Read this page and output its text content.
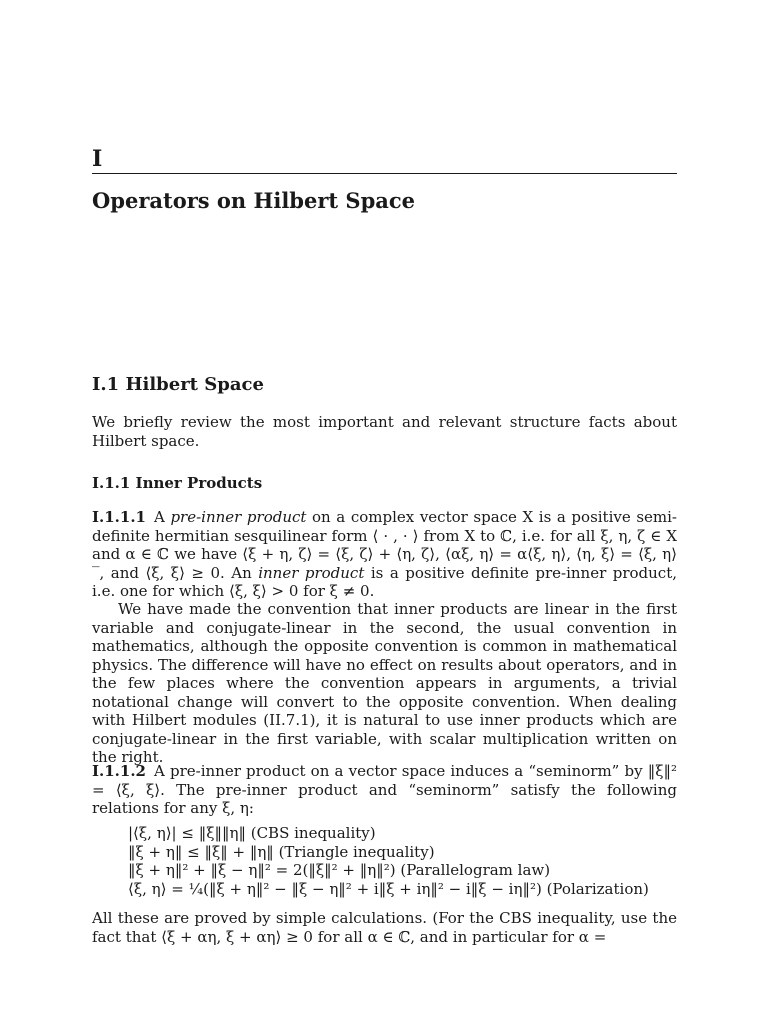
I
Operators on Hilbert Space
I.1 Hilbert Space
We briefly review the most important and relevant structure facts about Hilbert space.
I.1.1 Inner Products
I.1.1.1 A pre-inner product on a complex vector space X is a positive semi-definite hermitian sesquilinear form ⟨ · , · ⟩ from X to ℂ, i.e. for all ξ, η, ζ ∈ X and α ∈ ℂ we have ⟨ξ + η, ζ⟩ = ⟨ξ, ζ⟩ + ⟨η, ζ⟩, ⟨αξ, η⟩ = α⟨ξ, η⟩, ⟨η, ξ⟩ = ⟨ξ, η⟩‾, and ⟨ξ, ξ⟩ ≥ 0. An inner product is a positive definite pre-inner product, i.e. one for which ⟨ξ, ξ⟩ > 0 for ξ ≠ 0.
We have made the convention that inner products are linear in the first variable and conjugate-linear in the second, the usual convention in mathematics, although the opposite convention is common in mathematical physics. The difference will have no effect on results about operators, and in the few places where the convention appears in arguments, a trivial notational change will convert to the opposite convention. When dealing with Hilbert modules (II.7.1), it is natural to use inner products which are conjugate-linear in the first variable, with scalar multiplication written on the right.
I.1.1.2 A pre-inner product on a vector space induces a “seminorm” by ‖ξ‖² = ⟨ξ, ξ⟩. The pre-inner product and “seminorm” satisfy the following relations for any ξ, η:
|⟨ξ, η⟩| ≤ ‖ξ‖‖η‖ (CBS inequality)
‖ξ + η‖ ≤ ‖ξ‖ + ‖η‖ (Triangle inequality)
‖ξ + η‖² + ‖ξ − η‖² = 2(‖ξ‖² + ‖η‖²) (Parallelogram law)
⟨ξ, η⟩ = ¼(‖ξ + η‖² − ‖ξ − η‖² + i‖ξ + iη‖² − i‖ξ − iη‖²) (Polarization)
All these are proved by simple calculations. (For the CBS inequality, use the fact that ⟨ξ + αη, ξ + αη⟩ ≥ 0 for all α ∈ ℂ, and in particular for α =
